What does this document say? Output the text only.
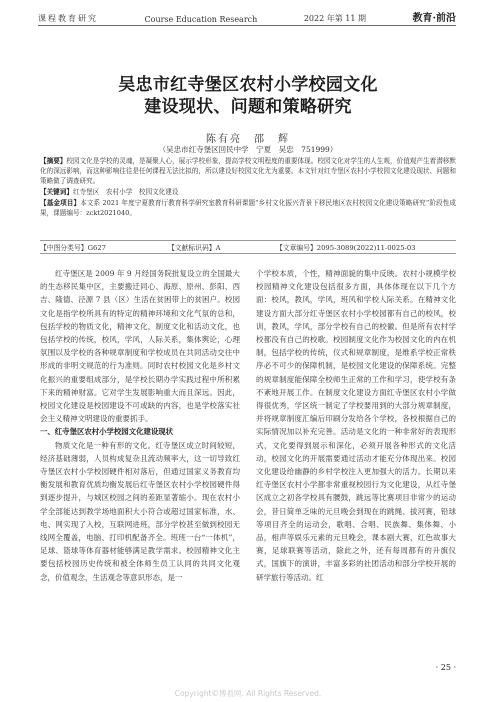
课程教育研究	Course Education Research	2022 年第 11 期	教育·前沿
吴忠市红寺堡区农村小学校园文化
建设现状、问题和策略研究
陈有亮　邵　辉
（吴忠市红寺堡区回民中学　宁夏　吴忠　751999）

【摘要】校园文化是学校的灵魂，是凝聚人心，展示学校形象，提高学校文明程度的重要体现。校园文化对学生的人生观，价值观产生着潜移默化的深远影响，而这种影响往往是任何课程无法比拟的，所以建设好校园文化尤为重要。本文针对红寺堡区农村小学校园文化建设现状、问题和策略做了调查研究。

【关键词】红寺堡区　农村小学　校园文化建设

【基金项目】本文系 2021 年度宁夏教育厅教育科学研究室教育科研课题“乡村文化振兴背景下移民地区农村校园文化建设策略研究”阶段性成果，课题编号：zckt2021040。

【中图分类号】G627	【文献标识码】A	【文章编号】2095-3089(2022)11-0025-03

红寺堡区是 2009 年 9 月经国务院批复设立的全国最大的生态移民集中区，主要搬迁同心、海原、原州、彭阳、西吉、隆德、泾源 7 县（区）生活在贫困带上的贫困户。校园文化是指学校所具有的特定的精神环境和文化气氛的总和，包括学校的物质文化，精神文化，制度文化和活动文化，也包括学校的传统，校风，学风，人际关系，集体舆论，心理氛围以及学校的各种规章制度和学校成员在共同活动交往中形成的非明文规范的行为准则。同时农村校园文化是乡村文化振兴的重要组成部分，是学校长期办学实践过程中所积累下来的精神财富。它对学生发展影响重大而且深远。因此，校园文化建设是校园建设不可或缺的内容，也是学校落实社会主义精神文明建设的重要抓手。

一、红寺堡区农村小学校园文化建设现状

物质文化是一种有形的文化。红寺堡区成立时间较短，经济基础薄弱，人员构成复杂且流动频率大，这一切导致红寺堡区农村小学校园硬件相对落后，但通过国家义务教育均衡发展和教育优质均衡发展后红寺堡区农村小学校园硬件得到逐步提升，与城区校园之间的差距显著缩小。现在农村小学全部能达到教学场地面积大小符合或超过国家标准，水、电、网实现了入校，互联网进班，部分学校甚至做到校园无线网全覆盖，电脑、打印机配备齐全。班班一台“一体机”，足球、篮球等体育器材能够满足教学需求。校园精神文化主要包括校园历史传统和被全体师生员工认同的共同文化观念，价值观念，生活观念等意识形态，是一

个学校本质，个性，精神面貌的集中反映。农村小规模学校校园精神文化建设包括很多方面，具体体现在以下几个方面：校风，教风，学风，班风和学校人际关系。在精神文化建设方面大部分红寺堡区农村小学校园都有自己的校风，校训，教风，学风，部分学校有自己的校徽。但是所有农村学校都没有自己的校歌。校园制度文化作为校园文化的内在机制，包括学校的传统，仪式和规章制度，是维系学校正常秩序必不可少的保障机制，是校园文化建设的保障系统。完整的规章制度能保障全校师生正常的工作和学习，使学校有条不紊地开展工作。在制度文化建设方面红寺堡区农村小学做得很优秀，学区统一制定了学校要用到的大部分规章制度，并将规章制度汇编后印刷分发给各个学校，各校根据自己的实际情况加以补充完善。活动是文化的一种非常好的表现形式，文化要得到展示和深化，必须开展各种形式的文化活动，校园文化的开展需要通过活动才能充分体现出来。校园文化建设给幽静的乡村学校注入更加强大的活力。长期以来红寺堡区农村小学都非常重视校园行为文化建设，从红寺堡区成立之初各学校具有腰鼓，跳远等比赛项目非常少的运动会，昔日简单乏味的元旦晚会到现在的跳绳、拔河赛，铅球等项目齐全的运动会，歌唱、合唱、民族舞、集体舞、小品，相声等娱乐元素的元旦晚会，课本剧大赛，红色故事大赛，足球联赛等活动，除此之外，还有每周都有的升旗仪式，国旗下的演讲，丰富多彩的社团活动和部分学校开展的研学旅行等活动。红

· 25 ·
Copyright©博看网. All Rights Reserved.
